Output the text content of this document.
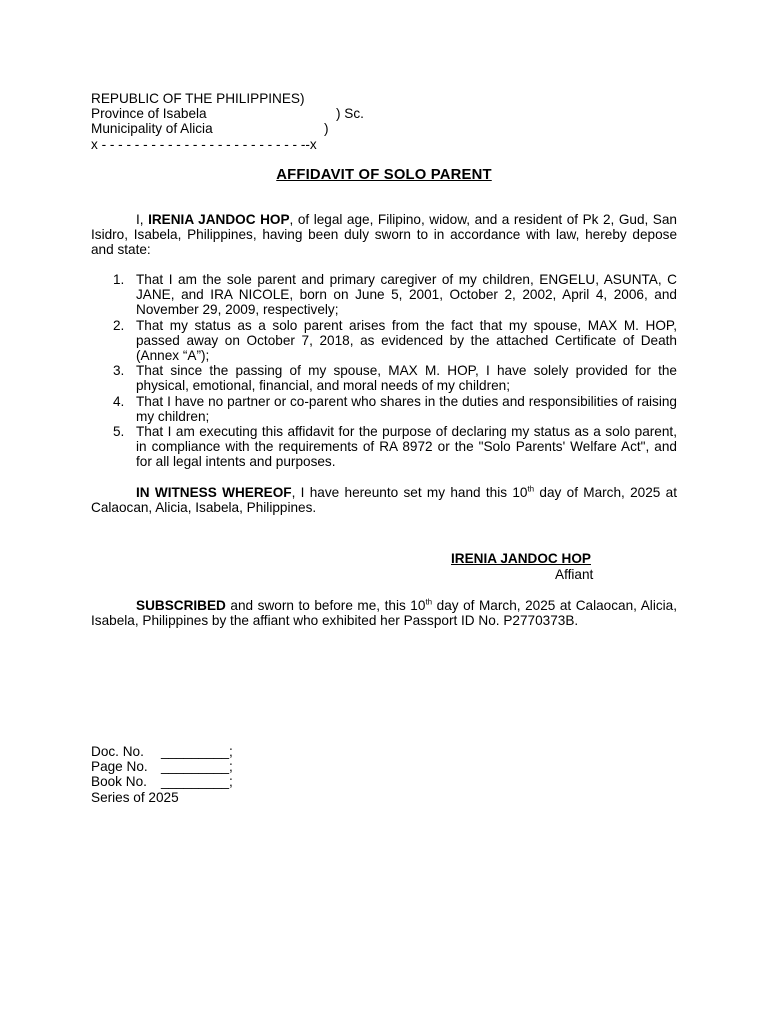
REPUBLIC OF THE PHILIPPINES)
Province of Isabela	) Sc.
Municipality of Alicia	)
x - - - - - - - - - - - - - - - - - - - - - - - - --x
AFFIDAVIT OF SOLO PARENT
I, IRENIA JANDOC HOP, of legal age, Filipino, widow, and a resident of Pk 2, Gud, San Isidro, Isabela, Philippines, having been duly sworn to in accordance with law, hereby depose and state:
1. That I am the sole parent and primary caregiver of my children, ENGELU, ASUNTA, C JANE, and IRA NICOLE, born on June 5, 2001, October 2, 2002, April 4, 2006, and November 29, 2009, respectively;
2. That my status as a solo parent arises from the fact that my spouse, MAX M. HOP, passed away on October 7, 2018, as evidenced by the attached Certificate of Death (Annex “A”);
3. That since the passing of my spouse, MAX M. HOP, I have solely provided for the physical, emotional, financial, and moral needs of my children;
4. That I have no partner or co-parent who shares in the duties and responsibilities of raising my children;
5. That I am executing this affidavit for the purpose of declaring my status as a solo parent, in compliance with the requirements of RA 8972 or the "Solo Parents' Welfare Act", and for all legal intents and purposes.
IN WITNESS WHEREOF, I have hereunto set my hand this 10th day of March, 2025 at Calaocan, Alicia, Isabela, Philippines.
IRENIA JANDOC HOP
Affiant
SUBSCRIBED and sworn to before me, this 10th day of March, 2025 at Calaocan, Alicia, Isabela, Philippines by the affiant who exhibited her Passport ID No. P2770373B.
Doc. No. _________;
Page No. _________;
Book No. _________;
Series of 2025
